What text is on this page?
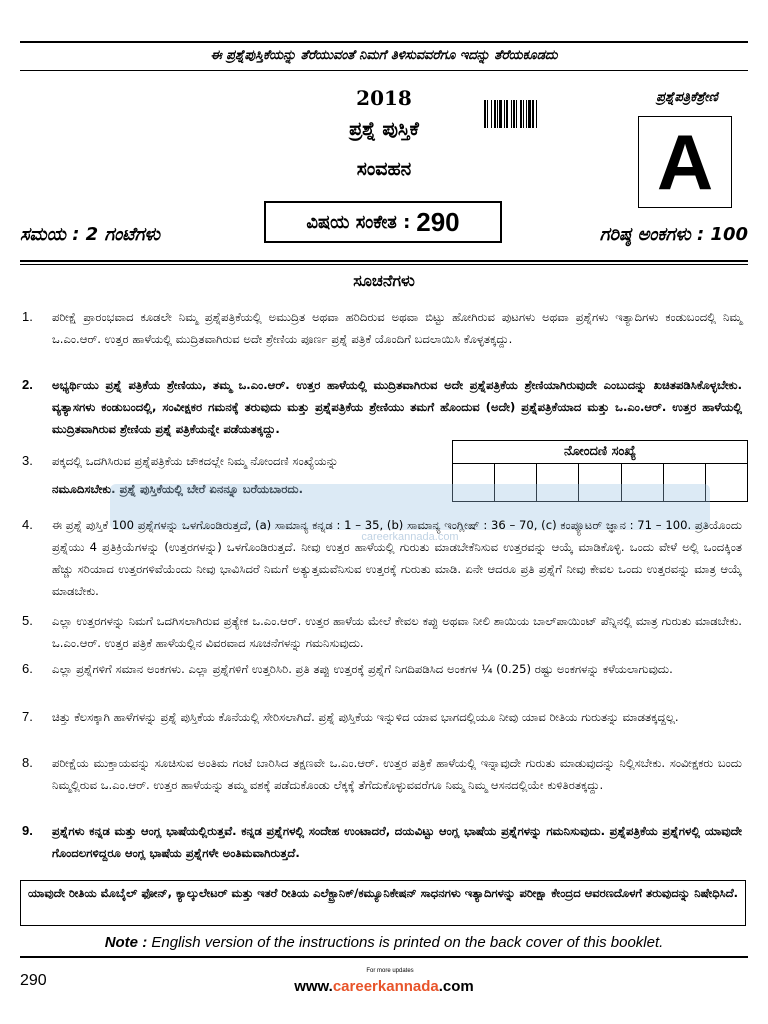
ಈ ಪ್ರಶ್ನೆಪುಸ್ತಿಕೆಯನ್ನು ತೆರೆಯುವಂತೆ ನಿಮಗೆ ತಿಳಿಸುವವರೆಗೂ ಇದನ್ನು ತೆರೆಯಕೂಡದು
2018
ಪ್ರಶ್ನೆ ಪುಸ್ತಿಕೆ
ಸಂವಹನ
ಪ್ರಶ್ನೆಪತ್ರಿಕೆಶ್ರೇಣಿ
A
ಸಮಯ : 2 ಗಂಟೆಗಳು
ವಿಷಯ ಸಂಕೇತ : 290	ಗರಿಷ್ಠ ಅಂಕಗಳು : 100
ಸೂಚನೆಗಳು
1.	ಪರೀಕ್ಷೆ ಪ್ರಾರಂಭವಾದ ಕೂಡಲೇ ನಿಮ್ಮ ಪ್ರಶ್ನೆಪತ್ರಿಕೆಯಲ್ಲಿ ಅಮುದ್ರಿತ ಅಥವಾ ಹರಿದಿರುವ ಅಥವಾ ಬಿಟ್ಟು ಹೋಗಿರುವ ಪುಟಗಳು ಅಥವಾ ಪ್ರಶ್ನೆಗಳು ಇತ್ಯಾದಿಗಳು ಕಂಡುಬಂದಲ್ಲಿ ನಿಮ್ಮ ಒ.ಎಂ.ಆರ್. ಉತ್ತರ ಹಾಳೆಯಲ್ಲಿ ಮುದ್ರಿತವಾಗಿರುವ ಅದೇ ಶ್ರೇಣಿಯ ಪೂರ್ಣ ಪ್ರಶ್ನೆ ಪತ್ರಿಕೆ ಯೊಂದಿಗೆ ಬದಲಾಯಿಸಿ ಕೊಳ್ಳತಕ್ಕದ್ದು.
2.	ಅಭ್ಯರ್ಥಿಯು ಪ್ರಶ್ನೆ ಪತ್ರಿಕೆಯ ಶ್ರೇಣಿಯು, ತಮ್ಮ ಒ.ಎಂ.ಆರ್. ಉತ್ತರ ಹಾಳೆಯಲ್ಲಿ ಮುದ್ರಿತವಾಗಿರುವ ಅದೇ ಪ್ರಶ್ನೆಪತ್ರಿಕೆಯ ಶ್ರೇಣಿಯಾಗಿರುವುದೇ ಎಂಬುದನ್ನು ಖಚಿತಪಡಿಸಿಕೊಳ್ಳಬೇಕು. ವ್ಯತ್ಯಾಸಗಳು ಕಂಡುಬಂದಲ್ಲಿ, ಸಂವೀಕ್ಷಕರ ಗಮನಕ್ಕೆ ತರುವುದು ಮತ್ತು ಪ್ರಶ್ನೆಪತ್ರಿಕೆಯ ಶ್ರೇಣಿಯು ತಮಗೆ ಹೊಂದುವ (ಅದೇ) ಪ್ರಶ್ನೆಪತ್ರಿಕೆಯಾದ ಮತ್ತು ಒ.ಎಂ.ಆರ್. ಉತ್ತರ ಹಾಳೆಯಲ್ಲಿ ಮುದ್ರಿತವಾಗಿರುವ ಶ್ರೇಣಿಯ ಪ್ರಶ್ನೆ ಪತ್ರಿಕೆಯನ್ನೇ ಪಡೆಯತಕ್ಕದ್ದು.
3.	ಪಕ್ಕದಲ್ಲಿ ಒದಗಿಸಿರುವ ಪ್ರಶ್ನೆಪತ್ರಿಕೆಯ ಚೌಕದಲ್ಲೇ ನಿಮ್ಮ ನೋಂದಣಿ ಸಂಖ್ಯೆಯನ್ನು
ನಮೂದಿಸಬೇಕು. ಪ್ರಶ್ನೆ ಪುಸ್ತಿಕೆಯಲ್ಲಿ ಬೇರೆ ಏನನ್ನೂ ಬರೆಯಬಾರದು.
ನೋಂದಣಿ ಸಂಖ್ಯೆ
careerkannada.com
4.	ಈ ಪ್ರಶ್ನೆ ಪುಸ್ತಿಕೆ 100 ಪ್ರಶ್ನೆಗಳನ್ನು ಒಳಗೊಂಡಿರುತ್ತದೆ, (a) ಸಾಮಾನ್ಯ ಕನ್ನಡ : 1 – 35, (b) ಸಾಮಾನ್ಯ ಇಂಗ್ಲೀಷ್ : 36 – 70, (c) ಕಂಪ್ಯೂಟರ್ ಜ್ಞಾನ : 71 – 100. ಪ್ರತಿಯೊಂದು ಪ್ರಶ್ನೆಯು 4 ಪ್ರತಿಕ್ರಿಯೆಗಳನ್ನು (ಉತ್ತರಗಳನ್ನು) ಒಳಗೊಂಡಿರುತ್ತದೆ. ನೀವು ಉತ್ತರ ಹಾಳೆಯಲ್ಲಿ ಗುರುತು ಮಾಡಬೇಕೆನಿಸುವ ಉತ್ತರವನ್ನು ಆಯ್ಕೆ ಮಾಡಿಕೊಳ್ಳಿ. ಒಂದು ವೇಳೆ ಅಲ್ಲಿ ಒಂದಕ್ಕಿಂತ ಹೆಚ್ಚು ಸರಿಯಾದ ಉತ್ತರಗಳಿವೆಯೆಂದು ನೀವು ಭಾವಿಸಿದರೆ ನಿಮಗೆ ಅತ್ಯುತ್ತಮವೆನಿಸುವ ಉತ್ತರಕ್ಕೆ ಗುರುತು ಮಾಡಿ. ಏನೇ ಆದರೂ ಪ್ರತಿ ಪ್ರಶ್ನೆಗೆ ನೀವು ಕೇವಲ ಒಂದು ಉತ್ತರವನ್ನು ಮಾತ್ರ ಆಯ್ಕೆ ಮಾಡಬೇಕು.
5.	ಎಲ್ಲಾ ಉತ್ತರಗಳನ್ನು ನಿಮಗೆ ಒದಗಿಸಲಾಗಿರುವ ಪ್ರತ್ಯೇಕ ಒ.ಎಂ.ಆರ್. ಉತ್ತರ ಹಾಳೆಯ ಮೇಲೆ ಕೇವಲ ಕಪ್ಪು ಅಥವಾ ನೀಲಿ ಶಾಯಿಯ ಬಾಲ್‌ಪಾಯಿಂಟ್ ಪೆನ್ನಿನಲ್ಲಿ ಮಾತ್ರ ಗುರುತು ಮಾಡಬೇಕು. ಒ.ಎಂ.ಆರ್. ಉತ್ತರ ಪತ್ರಿಕೆ ಹಾಳೆಯಲ್ಲಿನ ವಿವರವಾದ ಸೂಚನೆಗಳನ್ನು ಗಮನಿಸುವುದು.
6.	ಎಲ್ಲಾ ಪ್ರಶ್ನೆಗಳಿಗೆ ಸಮಾನ ಅಂಕಗಳು. ಎಲ್ಲಾ ಪ್ರಶ್ನೆಗಳಿಗೆ ಉತ್ತರಿಸಿರಿ. ಪ್ರತಿ ತಪ್ಪು ಉತ್ತರಕ್ಕೆ ಪ್ರಶ್ನೆಗೆ ನಿಗದಿಪಡಿಸಿದ ಅಂಕಗಳ ¼ (0.25) ರಷ್ಟು ಅಂಕಗಳನ್ನು ಕಳೆಯಲಾಗುವುದು.
7.	ಚಿತ್ತು ಕೆಲಸಕ್ಕಾಗಿ ಹಾಳೆಗಳನ್ನು ಪ್ರಶ್ನೆ ಪುಸ್ತಿಕೆಯ ಕೊನೆಯಲ್ಲಿ ಸೇರಿಸಲಾಗಿದೆ. ಪ್ರಶ್ನೆ ಪುಸ್ತಿಕೆಯ ಇನ್ನುಳಿದ ಯಾವ ಭಾಗದಲ್ಲಿಯೂ ನೀವು ಯಾವ ರೀತಿಯ ಗುರುತನ್ನು ಮಾಡತಕ್ಕದ್ದಲ್ಲ.
8.	ಪರೀಕ್ಷೆಯ ಮುಕ್ತಾಯವನ್ನು ಸೂಚಿಸುವ ಅಂತಿಮ ಗಂಟೆ ಬಾರಿಸಿದ ತಕ್ಷಣವೇ ಒ.ಎಂ.ಆರ್. ಉತ್ತರ ಪತ್ರಿಕೆ ಹಾಳೆಯಲ್ಲಿ ಇನ್ನಾವುದೇ ಗುರುತು ಮಾಡುವುದನ್ನು ನಿಲ್ಲಿಸಬೇಕು. ಸಂವೀಕ್ಷಕರು ಬಂದು ನಿಮ್ಮಲ್ಲಿರುವ ಒ.ಎಂ.ಆರ್. ಉತ್ತರ ಹಾಳೆಯನ್ನು ತಮ್ಮ ವಶಕ್ಕೆ ಪಡೆದುಕೊಂಡು ಲೆಕ್ಕಕ್ಕೆ ತೆಗೆದುಕೊಳ್ಳುವವರೆಗೂ ನಿಮ್ಮ ನಿಮ್ಮ ಆಸನದಲ್ಲಿಯೇ ಕುಳಿತಿರತಕ್ಕದ್ದು.
9.	ಪ್ರಶ್ನೆಗಳು ಕನ್ನಡ ಮತ್ತು ಆಂಗ್ಲ ಭಾಷೆಯಲ್ಲಿರುತ್ತವೆ. ಕನ್ನಡ ಪ್ರಶ್ನೆಗಳಲ್ಲಿ ಸಂದೇಹ ಉಂಟಾದರೆ, ದಯವಿಟ್ಟು ಆಂಗ್ಲ ಭಾಷೆಯ ಪ್ರಶ್ನೆಗಳನ್ನು ಗಮನಿಸುವುದು. ಪ್ರಶ್ನೆಪತ್ರಿಕೆಯ ಪ್ರಶ್ನೆಗಳಲ್ಲಿ ಯಾವುದೇ ಗೊಂದಲಗಳಿದ್ದರೂ ಆಂಗ್ಲ ಭಾಷೆಯ ಪ್ರಶ್ನೆಗಳೇ ಅಂತಿಮವಾಗಿರುತ್ತದೆ.
ಯಾವುದೇ ರೀತಿಯ ಮೊಬೈಲ್ ಫೋನ್, ಕ್ಯಾಲ್ಕುಲೇಟರ್ ಮತ್ತು ಇತರೆ ರೀತಿಯ ಎಲೆಕ್ಟ್ರಾನಿಕ್/ಕಮ್ಯೂನಿಕೇಷನ್ ಸಾಧನಗಳು ಇತ್ಯಾದಿಗಳನ್ನು ಪರೀಕ್ಷಾ ಕೇಂದ್ರದ ಆವರಣದೊಳಗೆ ತರುವುದನ್ನು ನಿಷೇಧಿಸಿದೆ.
Note : English version of the instructions is printed on the back cover of this booklet.
290
For more updates
www.careerkannada.com
